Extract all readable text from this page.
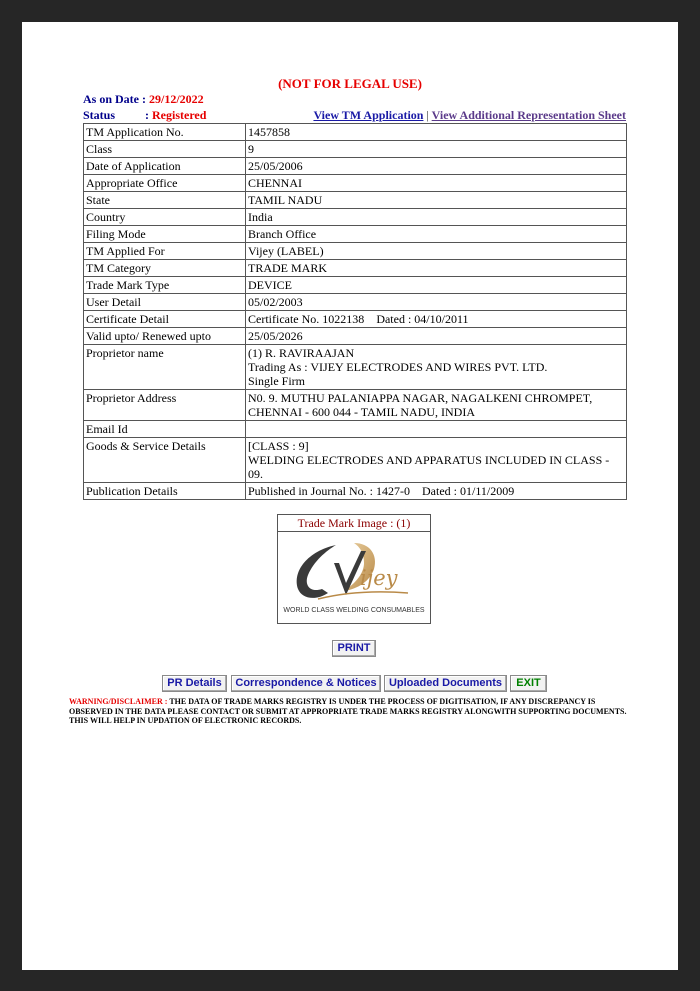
(NOT FOR LEGAL USE)
As on Date : 29/12/2022
Status : Registered	View TM Application | View Additional Representation Sheet
TM Application No.	1457858
Class	9
Date of Application	25/05/2006
Appropriate Office	CHENNAI
State	TAMIL NADU
Country	India
Filing Mode	Branch Office
TM Applied For	Vijey (LABEL)
TM Category	TRADE MARK
Trade Mark Type	DEVICE
User Detail	05/02/2003
Certificate Detail	Certificate No. 1022138 Dated : 04/10/2011
Valid upto/ Renewed upto	25/05/2026
Proprietor name	(1) R. RAVIRAAJAN
Trading As : VIJEY ELECTRODES AND WIRES PVT. LTD.
Single Firm

Proprietor Address	N0. 9. MUTHU PALANIAPPA NAGAR, NAGALKENI CHROMPET,
CHENNAI - 600 044 - TAMIL NADU, INDIA

Email Id	
Goods & Service Details	[CLASS : 9]
WELDING ELECTRODES AND APPARATUS INCLUDED IN CLASS - 09.

Publication Details	Published in Journal No. : 1427-0 Dated : 01/11/2009
Trade Mark Image : (1)
ijey
WORLD CLASS WELDING CONSUMABLES
PRINT
PR Details	Correspondence & Notices	Uploaded Documents	EXIT
WARNING/DISCLAIMER : THE DATA OF TRADE MARKS REGISTRY IS UNDER THE PROCESS OF DIGITISATION, IF ANY DISCREPANCY IS OBSERVED IN THE DATA PLEASE CONTACT OR SUBMIT AT APPROPRIATE TRADE MARKS REGISTRY ALONGWITH SUPPORTING DOCUMENTS. THIS WILL HELP IN UPDATION OF ELECTRONIC RECORDS.
